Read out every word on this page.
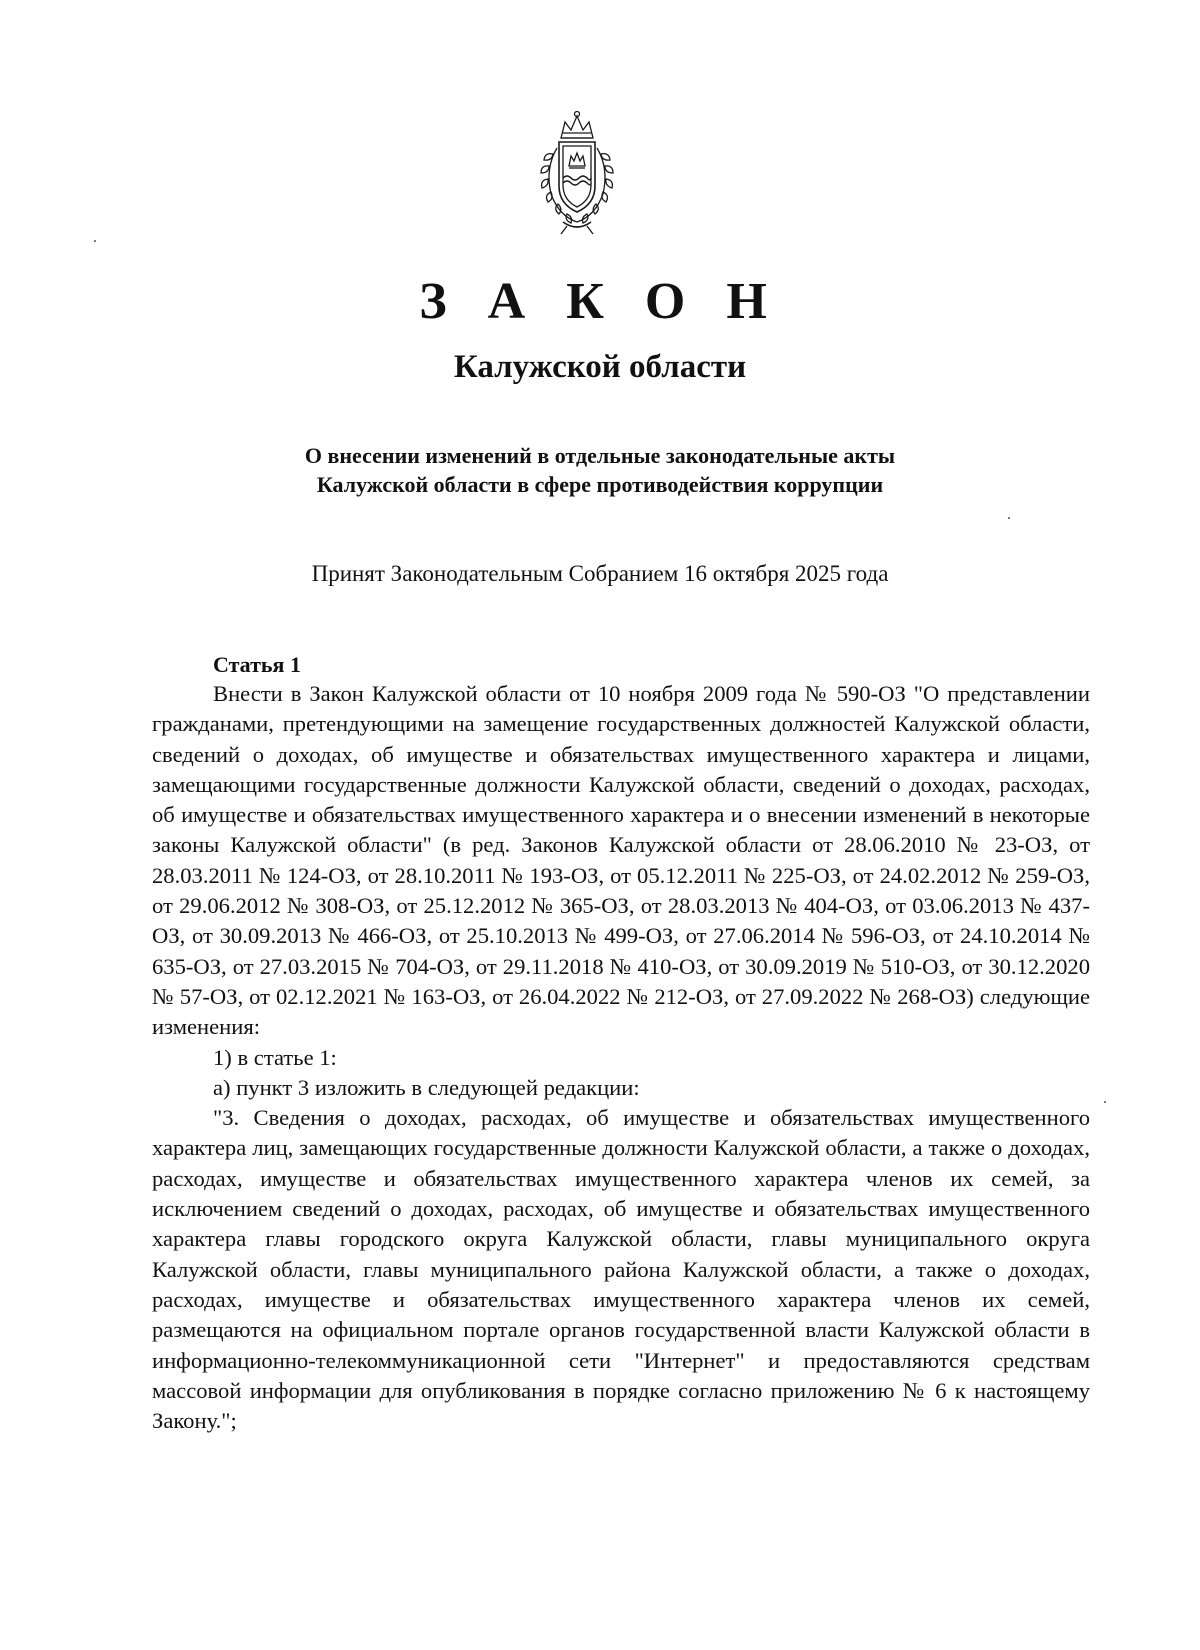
З А К О Н
Калужской области
О внесении изменений в отдельные законодательные акты
Калужской области в сфере противодействия коррупции
Принят Законодательным Собранием 16 октября 2025 года
Статья 1

Внести в Закон Калужской области от 10 ноября 2009 года № 590-ОЗ "О представлении гражданами, претендующими на замещение государственных должностей Калужской области, сведений о доходах, об имуществе и обязательствах имущественного характера и лицами, замещающими государственные должности Калужской области, сведений о доходах, расходах, об имуществе и обязательствах имущественного характера и о внесении изменений в некоторые законы Калужской области" (в ред. Законов Калужской области от 28.06.2010 № 23-ОЗ, от 28.03.2011 № 124-ОЗ, от 28.10.2011 № 193-ОЗ, от 05.12.2011 № 225-ОЗ, от 24.02.2012 № 259-ОЗ, от 29.06.2012 № 308-ОЗ, от 25.12.2012 № 365-ОЗ, от 28.03.2013 № 404-ОЗ, от 03.06.2013 № 437-ОЗ, от 30.09.2013 № 466-ОЗ, от 25.10.2013 № 499-ОЗ, от 27.06.2014 № 596-ОЗ, от 24.10.2014 № 635-ОЗ, от 27.03.2015 № 704-ОЗ, от 29.11.2018 № 410-ОЗ, от 30.09.2019 № 510-ОЗ, от 30.12.2020 № 57-ОЗ, от 02.12.2021 № 163-ОЗ, от 26.04.2022 № 212-ОЗ, от 27.09.2022 № 268-ОЗ) следующие изменения:

1) в статье 1:

а) пункт 3 изложить в следующей редакции:

"3. Сведения о доходах, расходах, об имуществе и обязательствах имущественного характера лиц, замещающих государственные должности Калужской области, а также о доходах, расходах, имуществе и обязательствах имущественного характера членов их семей, за исключением сведений о доходах, расходах, об имуществе и обязательствах имущественного характера главы городского округа Калужской области, главы муниципального округа Калужской области, главы муниципального района Калужской области, а также о доходах, расходах, имуществе и обязательствах имущественного характера членов их семей, размещаются на официальном портале органов государственной власти Калужской области в информационно-телекоммуникационной сети "Интернет" и предоставляются средствам массовой информации для опубликования в порядке согласно приложению № 6 к настоящему Закону.";
